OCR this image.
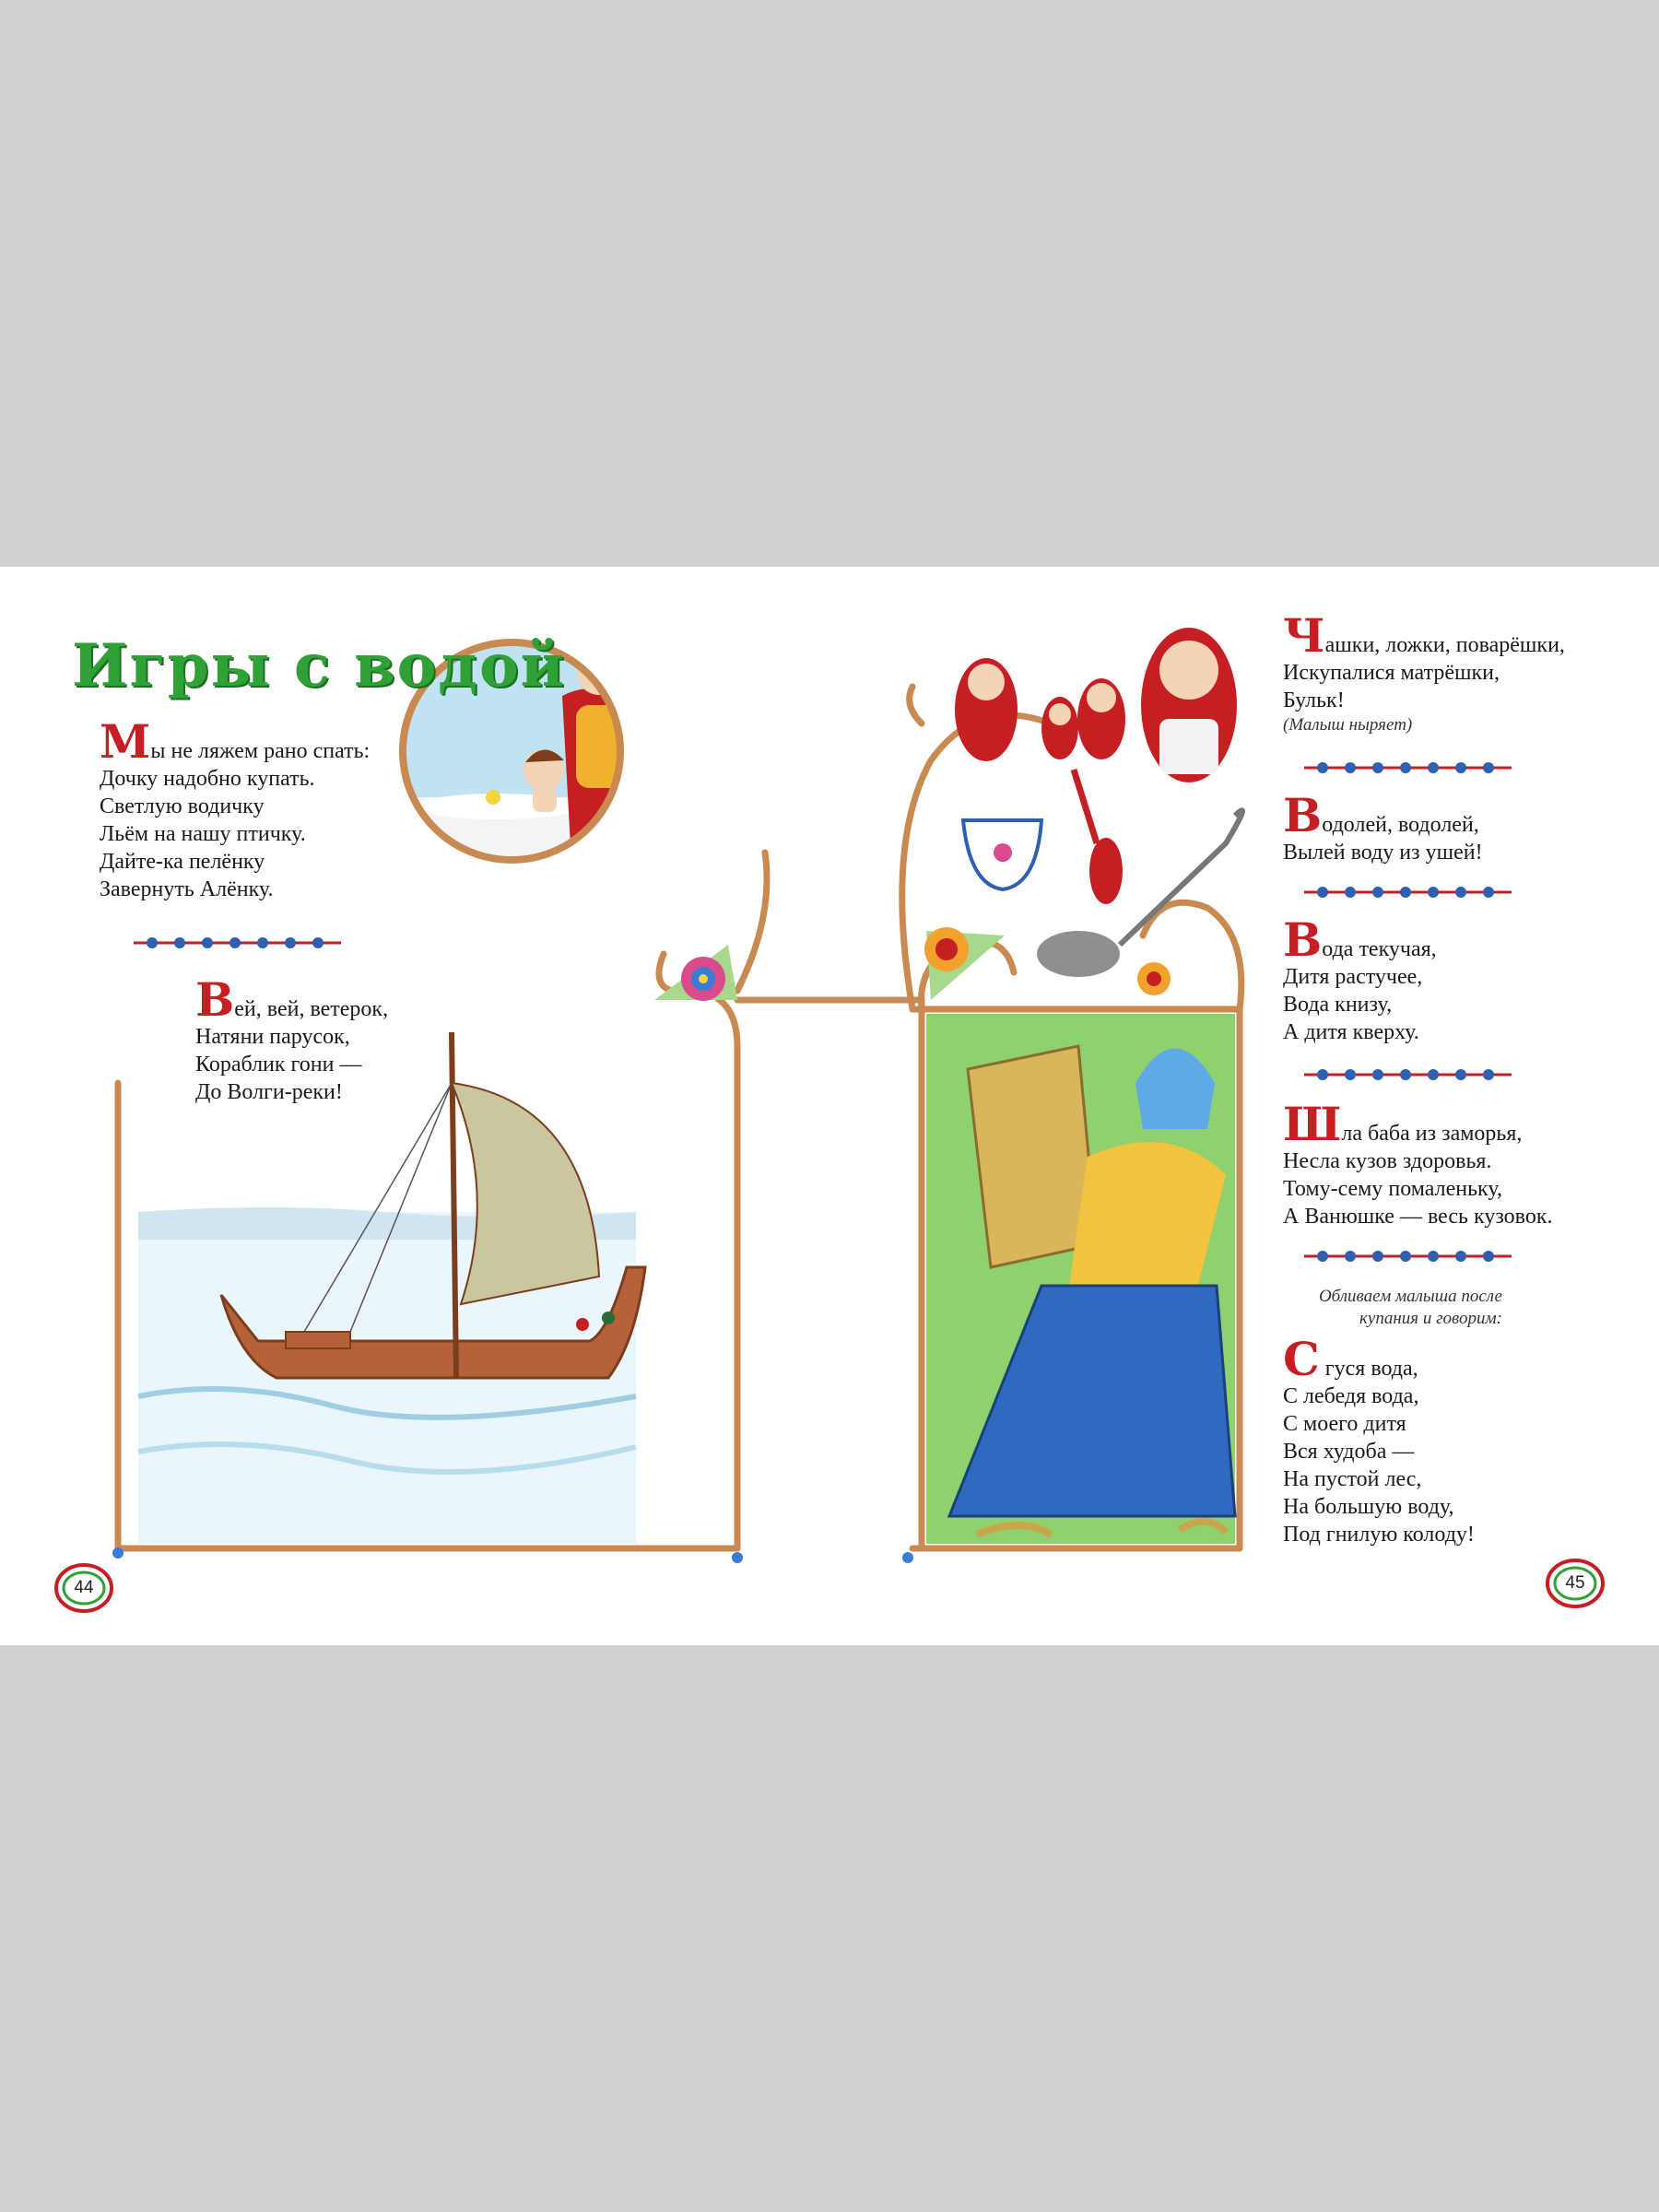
Игры с водой
Мы не ляжем рано спать:
Дочку надобно купать.
Светлую водичку
Льём на нашу птичку.
Дайте-ка пелёнку
Завернуть Алёнку.
Вей, вей, ветерок,
Натяни парусок,
Кораблик гони —
До Волги-реки!
44
Чашки, ложки, поварёшки,
Искупалися матрёшки,
Бульк!
(Малыш ныряет)
Водолей, водолей,
Вылей воду из ушей!
Вода текучая,
Дитя растучее,
Вода книзу,
А дитя кверху.
Шла баба из заморья,
Несла кузов здоровья.
Тому-сему помаленьку,
А Ванюшке — весь кузовок.
Обливаем малыша после
купания и говорим:
С гуся вода,
С лебедя вода,
С моего дитя
Вся худоба —
На пустой лес,
На большую воду,
Под гнилую колоду!
45
